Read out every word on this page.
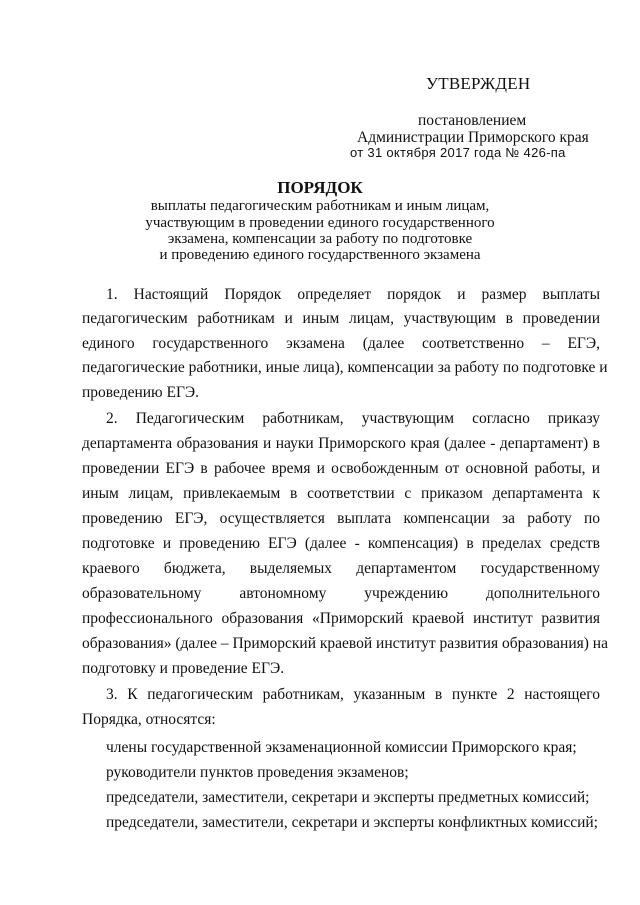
УТВЕРЖДЕН
постановлением
Администрации Приморского края
от 31 октября 2017 года № 426-па
ПОРЯДОК
выплаты педагогическим работникам и иным лицам,
участвующим в проведении единого государственного
экзамена, компенсации за работу по подготовке
и проведению единого государственного экзамена
1. Настоящий Порядок определяет порядок и размер выплаты
педагогическим работникам и иным лицам, участвующим в проведении
единого государственного экзамена (далее соответственно – ЕГЭ,
педагогические работники, иные лица), компенсации за работу по подготовке и
проведению ЕГЭ.
2. Педагогическим работникам, участвующим согласно приказу
департамента образования и науки Приморского края (далее - департамент) в
проведении ЕГЭ в рабочее время и освобожденным от основной работы, и
иным лицам, привлекаемым в соответствии с приказом департамента к
проведению ЕГЭ, осуществляется выплата компенсации за работу по
подготовке и проведению ЕГЭ (далее - компенсация) в пределах средств
краевого бюджета, выделяемых департаментом государственному
образовательному автономному учреждению дополнительного
профессионального образования «Приморский краевой институт развития
образования» (далее – Приморский краевой институт развития образования) на
подготовку и проведение ЕГЭ.
3. К педагогическим работникам, указанным в пункте 2 настоящего
Порядка, относятся:
члены государственной экзаменационной комиссии Приморского края;
руководители пунктов проведения экзаменов;
председатели, заместители, секретари и эксперты предметных комиссий;
председатели, заместители, секретари и эксперты конфликтных комиссий;
